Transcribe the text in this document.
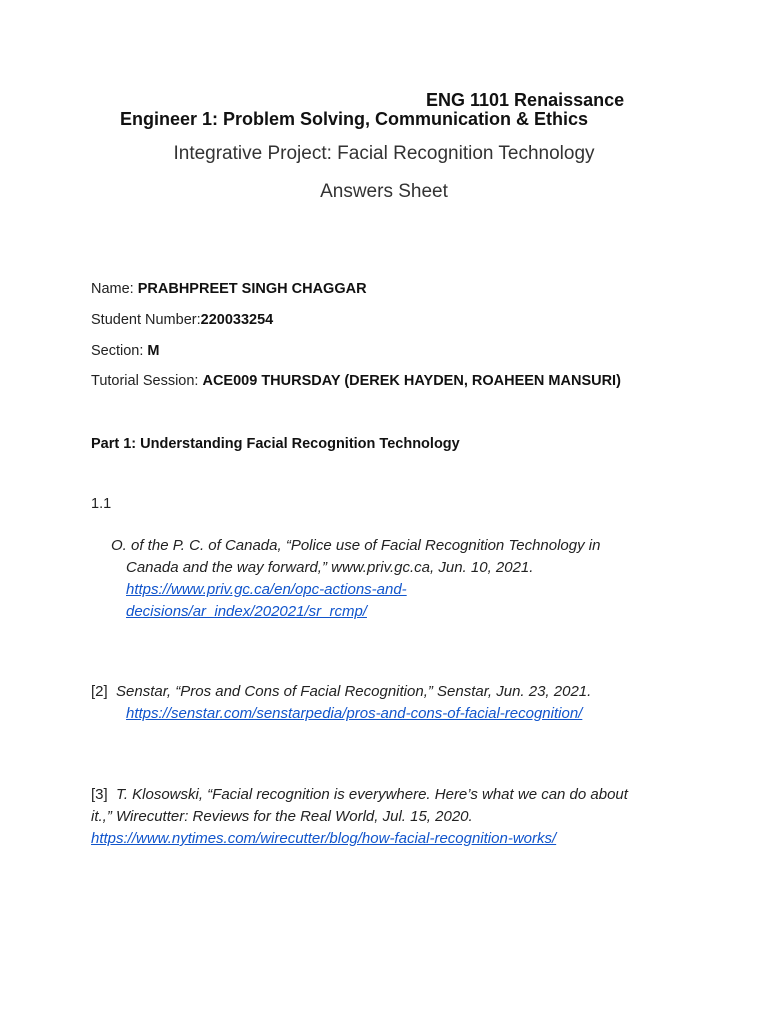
ENG 1101 Renaissance
Engineer 1: Problem Solving, Communication & Ethics
Integrative Project: Facial Recognition Technology
Answers Sheet
Name: PRABHPREET SINGH CHAGGAR
Student Number:220033254
Section: M
Tutorial Session: ACE009 THURSDAY (DEREK HAYDEN, ROAHEEN MANSURI)
Part 1: Understanding Facial Recognition Technology
1.1
O. of the P. C. of Canada, “Police use of Facial Recognition Technology in
Canada and the way forward,” www.priv.gc.ca, Jun. 10, 2021.
https://www.priv.gc.ca/en/opc-actions-and-
decisions/ar_index/202021/sr_rcmp/
[2] Senstar, “Pros and Cons of Facial Recognition,” Senstar, Jun. 23, 2021.
https://senstar.com/senstarpedia/pros-and-cons-of-facial-recognition/
[3] T. Klosowski, “Facial recognition is everywhere. Here’s what we can do about
it.,” Wirecutter: Reviews for the Real World, Jul. 15, 2020.
https://www.nytimes.com/wirecutter/blog/how-facial-recognition-works/
